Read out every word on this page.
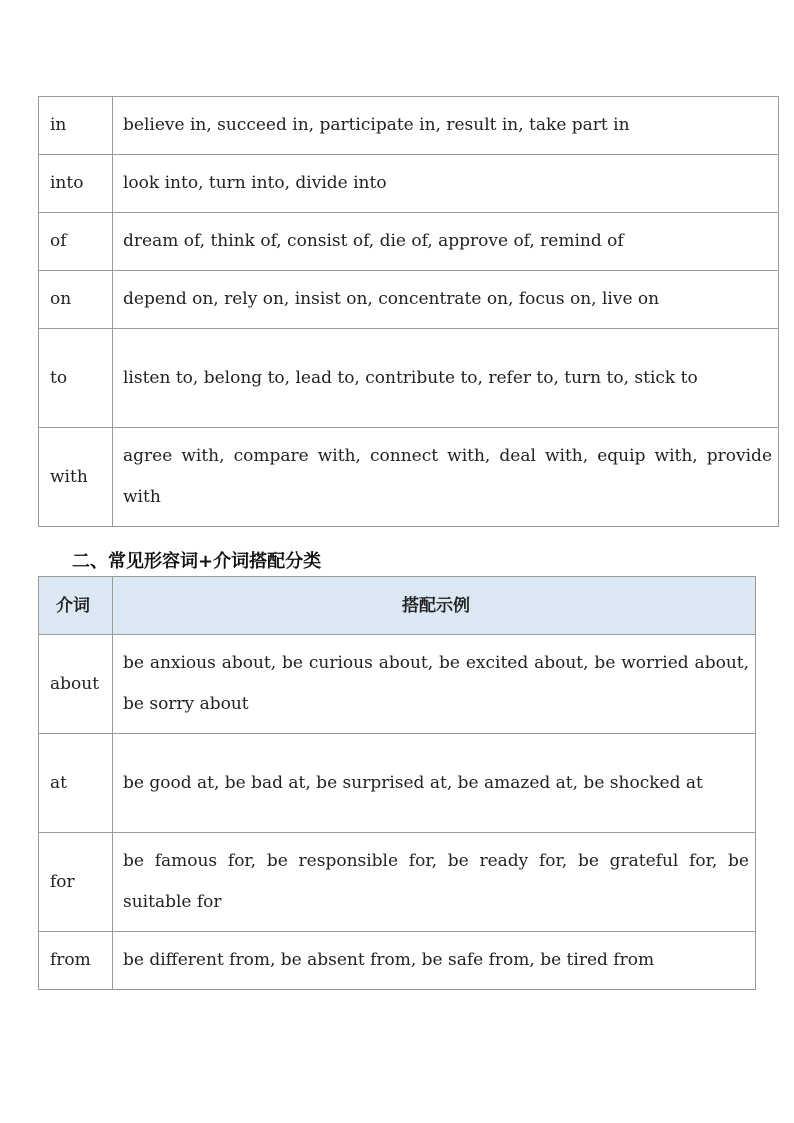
in	believe in, succeed in, participate in, result in, take part in
into	look into, turn into, divide into
of	dream of, think of, consist of, die of, approve of, remind of
on	depend on, rely on, insist on, concentrate on, focus on, live on
to	listen to, belong to, lead to, contribute to, refer to, turn to, stick to
with	agree with, compare with, connect with, deal with, equip with, provide with
二、常见形容词+介词搭配分类
介词	搭配示例
about	be anxious about, be curious about, be excited about, be worried about, be sorry about
at	be good at, be bad at, be surprised at, be amazed at, be shocked at
for	be famous for, be responsible for, be ready for, be grateful for, be suitable for
from	be different from, be absent from, be safe from, be tired from
